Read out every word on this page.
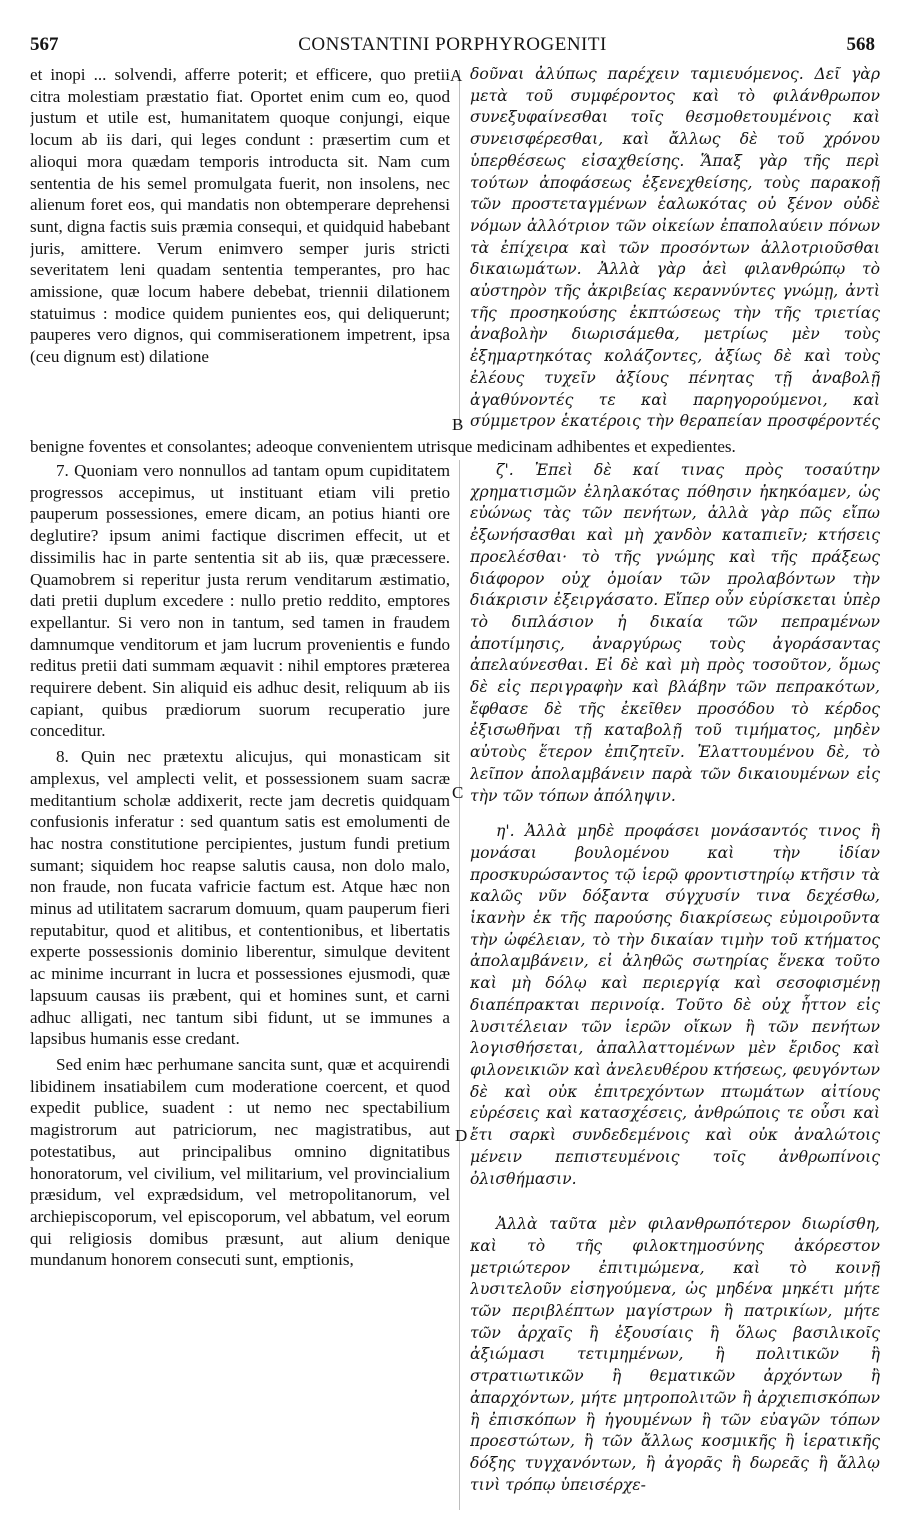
567	CONSTANTINI PORPHYROGENITI	568

et inopi ... solvendi, afferre poterit; et efficere, quo pretii citra molestiam præstatio fiat. Oportet enim cum eo, quod justum et utile est, humanitatem quoque conjungi, eique locum ab iis dari, qui leges condunt : præsertim cum et alioqui mora quædam temporis introducta sit. Nam cum sententia de his semel promulgata fuerit, non insolens, nec alienum foret eos, qui mandatis non obtemperare deprehensi sunt, digna factis suis præmia consequi, et quidquid habebant juris, amittere. Verum enimvero semper juris stricti severitatem leni quadam sententia temperantes, pro hac amissione, quæ locum habere debebat, triennii dilationem statuimus : modice quidem punientes eos, qui deliquerunt; pauperes vero dignos, qui commiserationem impetrent, ipsa (ceu dignum est) dilatione

δοῦναι ἀλύπως παρέχειν ταμιευόμενος. Δεῖ γὰρ μετὰ τοῦ συμφέροντος καὶ τὸ φιλάνθρωπον συνεξυφαίνεσθαι τοῖς θεσμοθετουμένοις καὶ συνεισφέρεσθαι, καὶ ἄλλως δὲ τοῦ χρόνου ὑπερθέσεως εἰσαχθείσης. Ἅπαξ γὰρ τῆς περὶ τούτων ἀποφάσεως ἐξενεχθείσης, τοὺς παρακοῇ τῶν προστεταγμένων ἑαλωκότας οὐ ξένον οὐδὲ νόμων ἀλλότριον τῶν οἰκείων ἐπαπολαύειν πόνων τὰ ἐπίχειρα καὶ τῶν προσόντων ἀλλοτριοῦσθαι δικαιωμάτων. Ἀλλὰ γὰρ ἀεὶ φιλανθρώπῳ τὸ αὐστηρὸν τῆς ἀκριβείας κεραννύντες γνώμῃ, ἀντὶ τῆς προσηκούσης ἐκπτώσεως τὴν τῆς τριετίας ἀναβολὴν διωρισάμεθα, μετρίως μὲν τοὺς ἐξημαρτηκότας κολάζοντες, ἀξίως δὲ καὶ τοὺς ἐλέους τυχεῖν ἀξίους πένητας τῇ ἀναβολῇ ἀγαθύνοντές τε καὶ παρηγορούμενοι, καὶ σύμμετρον ἑκατέροις τὴν θεραπείαν προσφέροντές

benigne foventes et consolantes; adeoque convenientem utrisque medicinam adhibentes et expedientes.

7. Quoniam vero nonnullos ad tantam opum cupiditatem progressos accepimus, ut instituant etiam vili pretio pauperum possessiones, emere dicam, an potius hianti ore deglutire? ipsum animi factique discrimen effecit, ut et dissimilis hac in parte sententia sit ab iis, quæ præcessere. Quamobrem si reperitur justa rerum venditarum æstimatio, dati pretii duplum excedere : nullo pretio reddito, emptores expellantur. Si vero non in tantum, sed tamen in fraudem damnumque venditorum et jam lucrum provenientis e fundo reditus pretii dati summam æquavit : nihil emptores præterea requirere debent. Sin aliquid eis adhuc desit, reliquum ab iis capiant, quibus prædiorum suorum recuperatio jure conceditur.

8. Quin nec prætextu alicujus, qui monasticam sit amplexus, vel amplecti velit, et possessionem suam sacræ meditantium scholæ addixerit, recte jam decretis quidquam confusionis inferatur : sed quantum satis est emolumenti de hac nostra constitutione percipientes, justum fundi pretium sumant; siquidem hoc reapse salutis causa, non dolo malo, non fraude, non fucata vafricie factum est. Atque hæc non minus ad utilitatem sacrarum domuum, quam pauperum fieri reputabitur, quod et alitibus, et contentionibus, et libertatis experte possessionis dominio liberentur, simulque devitent ac minime incurrant in lucra et possessiones ejusmodi, quæ lapsuum causas iis præbent, qui et homines sunt, et carni adhuc alligati, nec tantum sibi fidunt, ut se immunes a lapsibus humanis esse credant.

Sed enim hæc perhumane sancita sunt, quæ et acquirendi libidinem insatiabilem cum moderatione coercent, et quod expedit publice, suadent : ut nemo nec spectabilium magistrorum aut patriciorum, nec magistratibus, aut potestatibus, aut principalibus omnino dignitatibus honoratorum, vel civilium, vel militarium, vel provincialium præsidum, vel exprædsidum, vel metropolitanorum, vel archiepiscoporum, vel episcoporum, vel abbatum, vel eorum qui religiosis domibus præsunt, aut alium denique mundanum honorem consecuti sunt, emptionis,

ζ'. Ἐπεὶ δὲ καί τινας πρὸς τοσαύτην χρηματισμῶν ἐληλακότας πόθησιν ἠκηκόαμεν, ὡς εὐώνως τὰς τῶν πενήτων, ἀλλὰ γὰρ πῶς εἴπω ἐξωνήσασθαι καὶ μὴ χανδὸν καταπιεῖν; κτήσεις προελέσθαι· τὸ τῆς γνώμης καὶ τῆς πράξεως διάφορον οὐχ ὁμοίαν τῶν προλαβόντων τὴν διάκρισιν ἐξειργάσατο. Εἴπερ οὖν εὑρίσκεται ὑπὲρ τὸ διπλάσιον ἡ δικαία τῶν πεπραμένων ἀποτίμησις, ἀναργύρως τοὺς ἀγοράσαντας ἀπελαύνεσθαι. Εἰ δὲ καὶ μὴ πρὸς τοσοῦτον, ὅμως δὲ εἰς περιγραφὴν καὶ βλάβην τῶν πεπρακότων, ἔφθασε δὲ τῆς ἐκεῖθεν προσόδου τὸ κέρδος ἐξισωθῆναι τῇ καταβολῇ τοῦ τιμήματος, μηδὲν αὐτοὺς ἕτερον ἐπιζητεῖν. Ἐλαττουμένου δὲ, τὸ λεῖπον ἀπολαμβάνειν παρὰ τῶν δικαιουμένων εἰς τὴν τῶν τόπων ἀπόληψιν.

η'. Ἀλλὰ μηδὲ προφάσει μονάσαντός τινος ἢ μονάσαι βουλομένου καὶ τὴν ἰδίαν προσκυρώσαντος τῷ ἱερῷ φροντιστηρίῳ κτῆσιν τὰ καλῶς νῦν δόξαντα σύγχυσίν τινα δεχέσθω, ἱκανὴν ἐκ τῆς παρούσης διακρίσεως εὐμοιροῦντα τὴν ὠφέλειαν, τὸ τὴν δικαίαν τιμὴν τοῦ κτήματος ἀπολαμβάνειν, εἰ ἀληθῶς σωτηρίας ἕνεκα τοῦτο καὶ μὴ δόλῳ καὶ περιεργίᾳ καὶ σεσοφισμένῃ διαπέπρακται περινοίᾳ. Τοῦτο δὲ οὐχ ἧττον εἰς λυσιτέλειαν τῶν ἱερῶν οἴκων ἢ τῶν πενήτων λογισθήσεται, ἀπαλλαττομένων μὲν ἔριδος καὶ φιλονεικιῶν καὶ ἀνελευθέρου κτήσεως, φευγόντων δὲ καὶ οὐκ ἐπιτρεχόντων πτωμάτων αἰτίους εὑρέσεις καὶ κατασχέσεις, ἀνθρώποις τε οὖσι καὶ ἔτι σαρκὶ συνδεδεμένοις καὶ οὐκ ἀναλώτοις μένειν πεπιστευμένοις τοῖς ἀνθρωπίνοις ὀλισθήμασιν.

Ἀλλὰ ταῦτα μὲν φιλανθρωπότερον διωρίσθη, καὶ τὸ τῆς φιλοκτημοσύνης ἀκόρεστον μετριώτερον ἐπιτιμώμενα, καὶ τὸ κοινῇ λυσιτελοῦν εἰσηγούμενα, ὡς μηδένα μηκέτι μήτε τῶν περιβλέπτων μαγίστρων ἢ πατρικίων, μήτε τῶν ἀρχαῖς ἢ ἐξουσίαις ἢ ὅλως βασιλικοῖς ἀξιώμασι τετιμημένων, ἢ πολιτικῶν ἢ στρατιωτικῶν ἢ θεματικῶν ἀρχόντων ἢ ἀπαρχόντων, μήτε μητροπολιτῶν ἢ ἀρχιεπισκόπων ἢ ἐπισκόπων ἢ ἡγουμένων ἢ τῶν εὐαγῶν τόπων προεστώτων, ἢ τῶν ἄλλως κοσμικῆς ἢ ἱερατικῆς δόξης τυγχανόντων, ἢ ἀγορᾶς ἢ δωρεᾶς ἢ ἄλλῳ τινὶ τρόπῳ ὑπεισέρχε-

A
B
C
D
